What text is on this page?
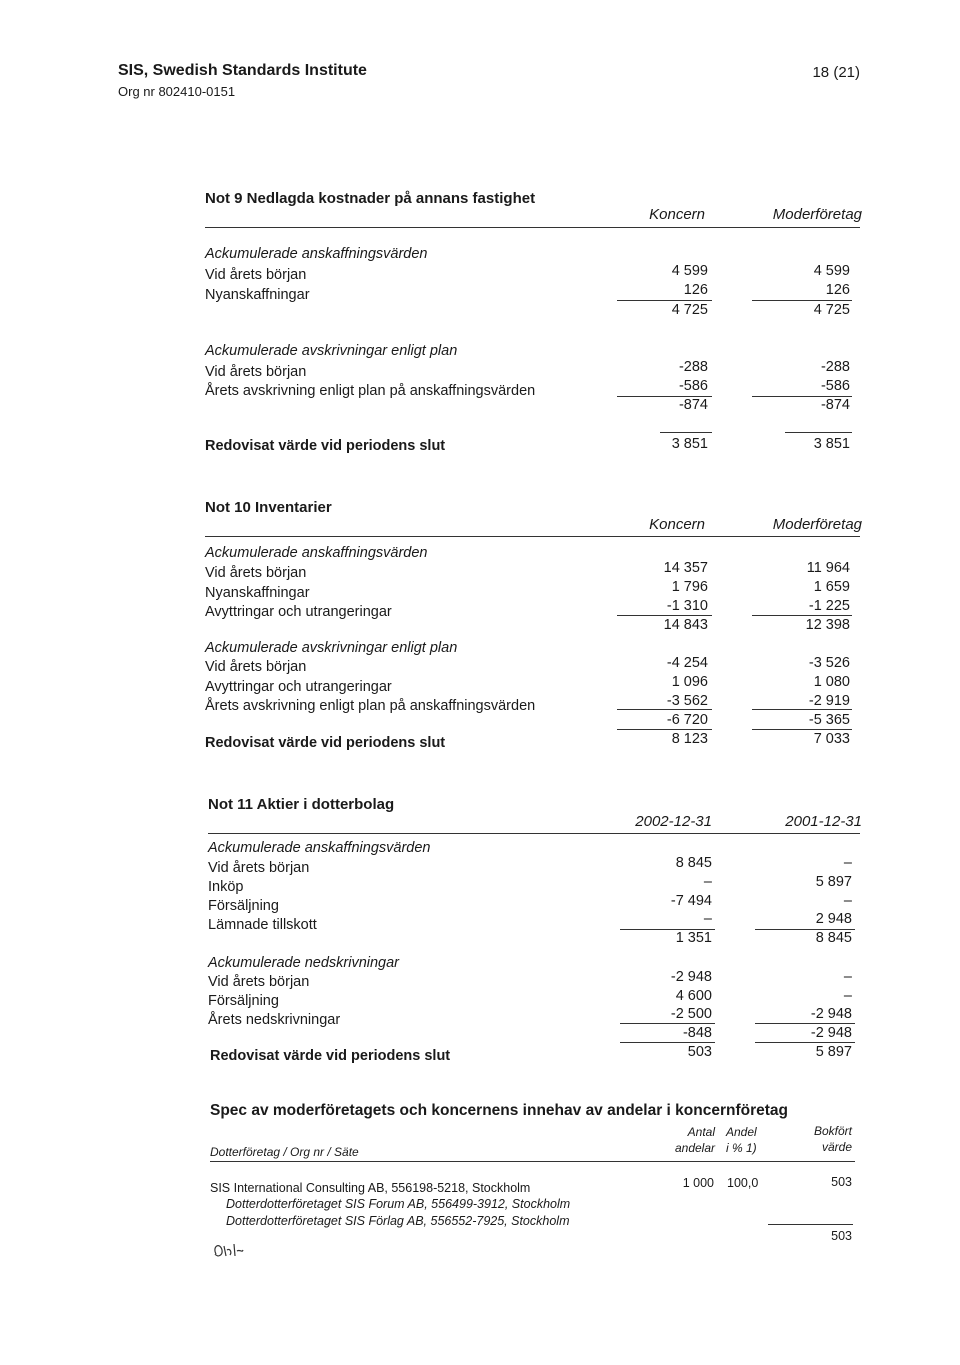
SIS, Swedish Standards Institute
Org nr 802410-0151
18 (21)
Not 9 Nedlagda kostnader på annans fastighet
Koncern	Moderföretag
Ackumulerade anskaffningsvärden
Vid årets början	4 599	4 599
Nyanskaffningar	126	126
4 725	4 725
Ackumulerade avskrivningar enligt plan
Vid årets början	-288	-288
Årets avskrivning enligt plan på anskaffningsvärden	-586	-586
-874	-874
Redovisat värde vid periodens slut	3 851	3 851
Not 10 Inventarier
Koncern	Moderföretag
Ackumulerade anskaffningsvärden
Vid årets början	14 357	11 964
Nyanskaffningar	1 796	1 659
Avyttringar och utrangeringar	-1 310	-1 225
14 843	12 398
Ackumulerade avskrivningar enligt plan
Vid årets början	-4 254	-3 526
Avyttringar och utrangeringar	1 096	1 080
Årets avskrivning enligt plan på anskaffningsvärden	-3 562	-2 919
-6 720	-5 365
Redovisat värde vid periodens slut	8 123	7 033
Not 11 Aktier i dotterbolag
2002-12-31	2001-12-31
Ackumulerade anskaffningsvärden
Vid årets början	8 845	–
Inköp	–	5 897
Försäljning	-7 494	–
Lämnade tillskott	–	2 948
1 351	8 845
Ackumulerade nedskrivningar
Vid årets början	-2 948	–
Försäljning	4 600	–
Årets nedskrivningar	-2 500	-2 948
-848	-2 948
Redovisat värde vid periodens slut	503	5 897
Spec av moderföretagets och koncernens innehav av andelar i koncernföretag
Antal
andelar
Andel
i % 1)
Bokfört
värde
Dotterföretag / Org nr / Säte
SIS International Consulting AB, 556198-5218, Stockholm	1 000 100,0	503
Dotterdotterföretaget SIS Forum AB, 556499-3912, Stockholm
Dotterdotterföretaget SIS Förlag AB, 556552-7925, Stockholm
503
